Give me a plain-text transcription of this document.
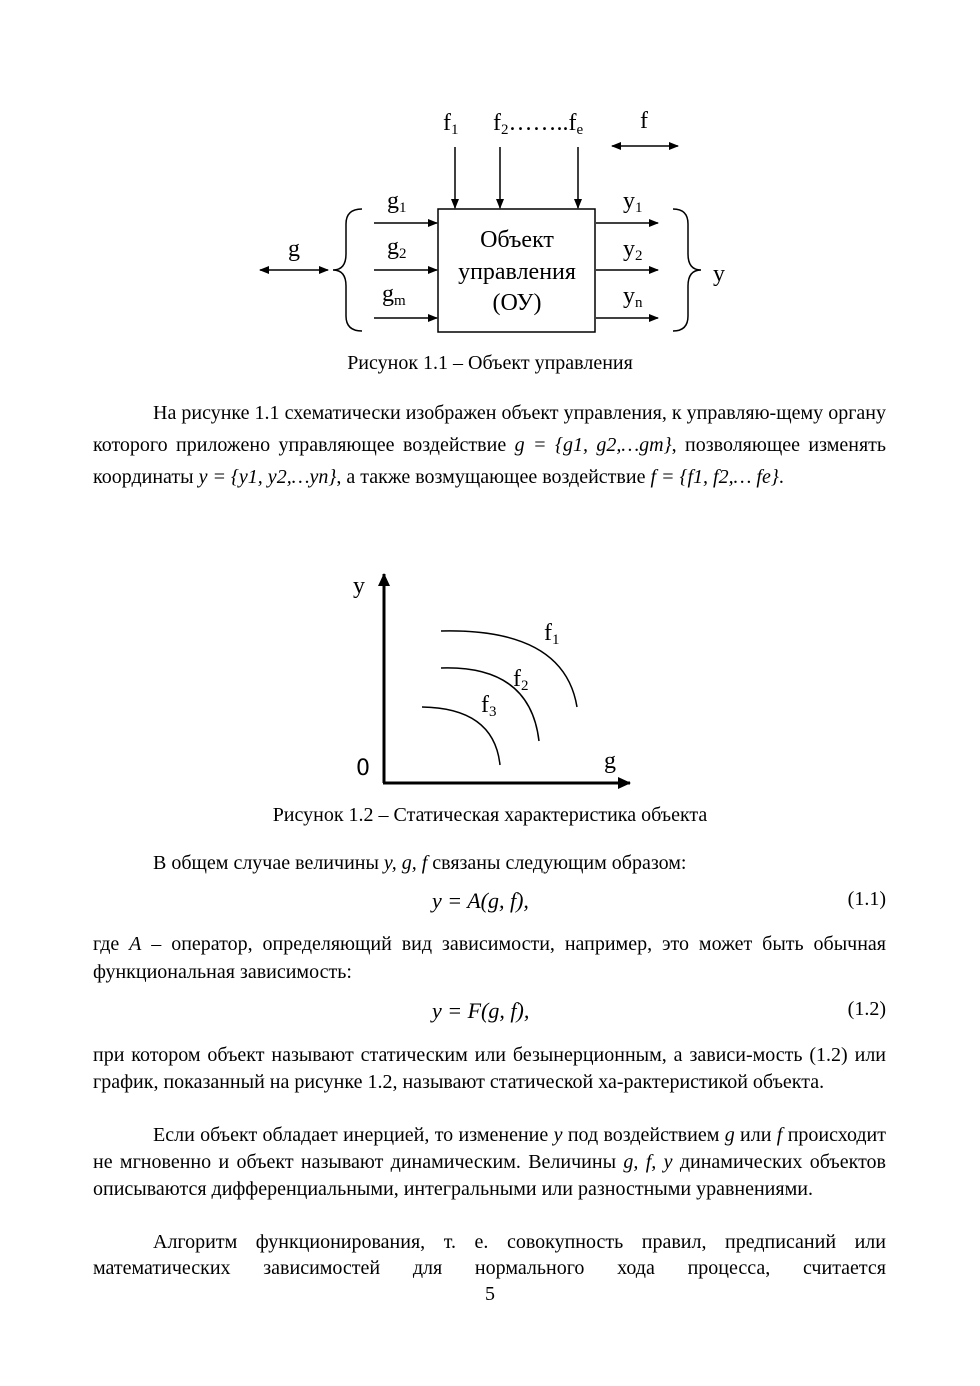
f1 f2……..fe f
Объект
управления
(ОУ)
g1
g2
gm
g
y1
y2
yn
y
Рисунок 1.1 – Объект управления

На рисунке 1.1 схематически изображен объект управления, к управляю-щему органу которого приложено управляющее воздействие g = {g1, g2,…gm}, позволяющее изменять координаты y = {y1, y2,…yn}, а также возмущающее воздействие f = {f1, f2,… fe}.

y
g
0
f1
f2
f3
Рисунок 1.2 – Статическая характеристика объекта

В общем случае величины y, g, f связаны следующим образом:

y = A(g, f),	(1.1)

где A – оператор, определяющий вид зависимости, например, это может быть обычная функциональная зависимость:

y = F(g, f),	(1.2)

при котором объект называют статическим или безынерционным, а зависи-мость (1.2) или график, показанный на рисунке 1.2, называют статической ха-рактеристикой объекта.

Если объект обладает инерцией, то изменение y под воздействием g или f происходит не мгновенно и объект называют динамическим. Величины g, f, y динамических объектов описываются дифференциальными, интегральными или разностными уравнениями.

Алгоритм функционирования, т. е. совокупность правил, предписаний или математических зависимостей для нормального хода процесса, считается

5
